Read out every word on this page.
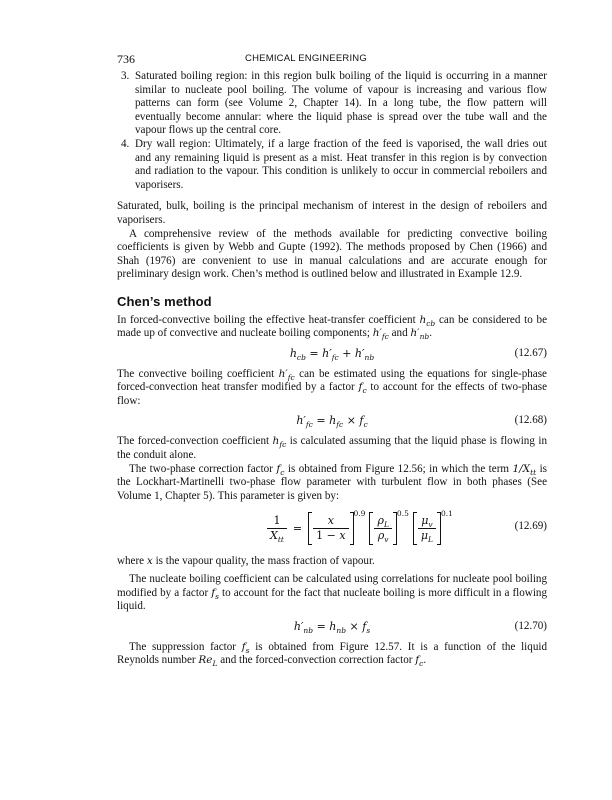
736	CHEMICAL ENGINEERING
3. Saturated boiling region: in this region bulk boiling of the liquid is occurring in a manner similar to nucleate pool boiling. The volume of vapour is increasing and various flow patterns can form (see Volume 2, Chapter 14). In a long tube, the flow pattern will eventually become annular: where the liquid phase is spread over the tube wall and the vapour flows up the central core.
4. Dry wall region: Ultimately, if a large fraction of the feed is vaporised, the wall dries out and any remaining liquid is present as a mist. Heat transfer in this region is by convection and radiation to the vapour. This condition is unlikely to occur in commercial reboilers and vaporisers.

Saturated, bulk, boiling is the principal mechanism of interest in the design of reboilers and vaporisers.

A comprehensive review of the methods available for predicting convective boiling coefficients is given by Webb and Gupte (1992). The methods proposed by Chen (1966) and Shah (1976) are convenient to use in manual calculations and are accurate enough for preliminary design work. Chen’s method is outlined below and illustrated in Example 12.9.

Chen’s method

In forced-convective boiling the effective heat-transfer coefficient $h_{cb}$ can be considered to be made up of convective and nucleate boiling components; $h'_{fc}$ and $h'_{nb}$.

$h_{cb} = h'_{fc} + h'_{nb}$	(12.67)

The convective boiling coefficient $h'_{fc}$ can be estimated using the equations for single-phase forced-convection heat transfer modified by a factor $f_c$ to account for the effects of two-phase flow:

$h'_{fc} = h_{fc} \times f_c$	(12.68)

The forced-convection coefficient $h_{fc}$ is calculated assuming that the liquid phase is flowing in the conduit alone.

The two-phase correction factor $f_c$ is obtained from Figure 12.56; in which the term $1/X_{tt}$ is the Lockhart-Martinelli two-phase flow parameter with turbulent flow in both phases (See Volume 1, Chapter 5). This parameter is given by:

$\frac{1}{X_{tt}} = \frac{x}{1 - x}$
0.9
$\frac{\rho_L}{\rho_v}$
0.5
$\frac{\mu_v}{\mu_L}$
0.1
(12.69)

where x is the vapour quality, the mass fraction of vapour.

The nucleate boiling coefficient can be calculated using correlations for nucleate pool boiling modified by a factor $f_s$ to account for the fact that nucleate boiling is more difficult in a flowing liquid.

$h'_{nb} = h_{nb} \times f_s$	(12.70)

The suppression factor $f_s$ is obtained from Figure 12.57. It is a function of the liquid Reynolds number $Re_L$ and the forced-convection correction factor $f_c$.
